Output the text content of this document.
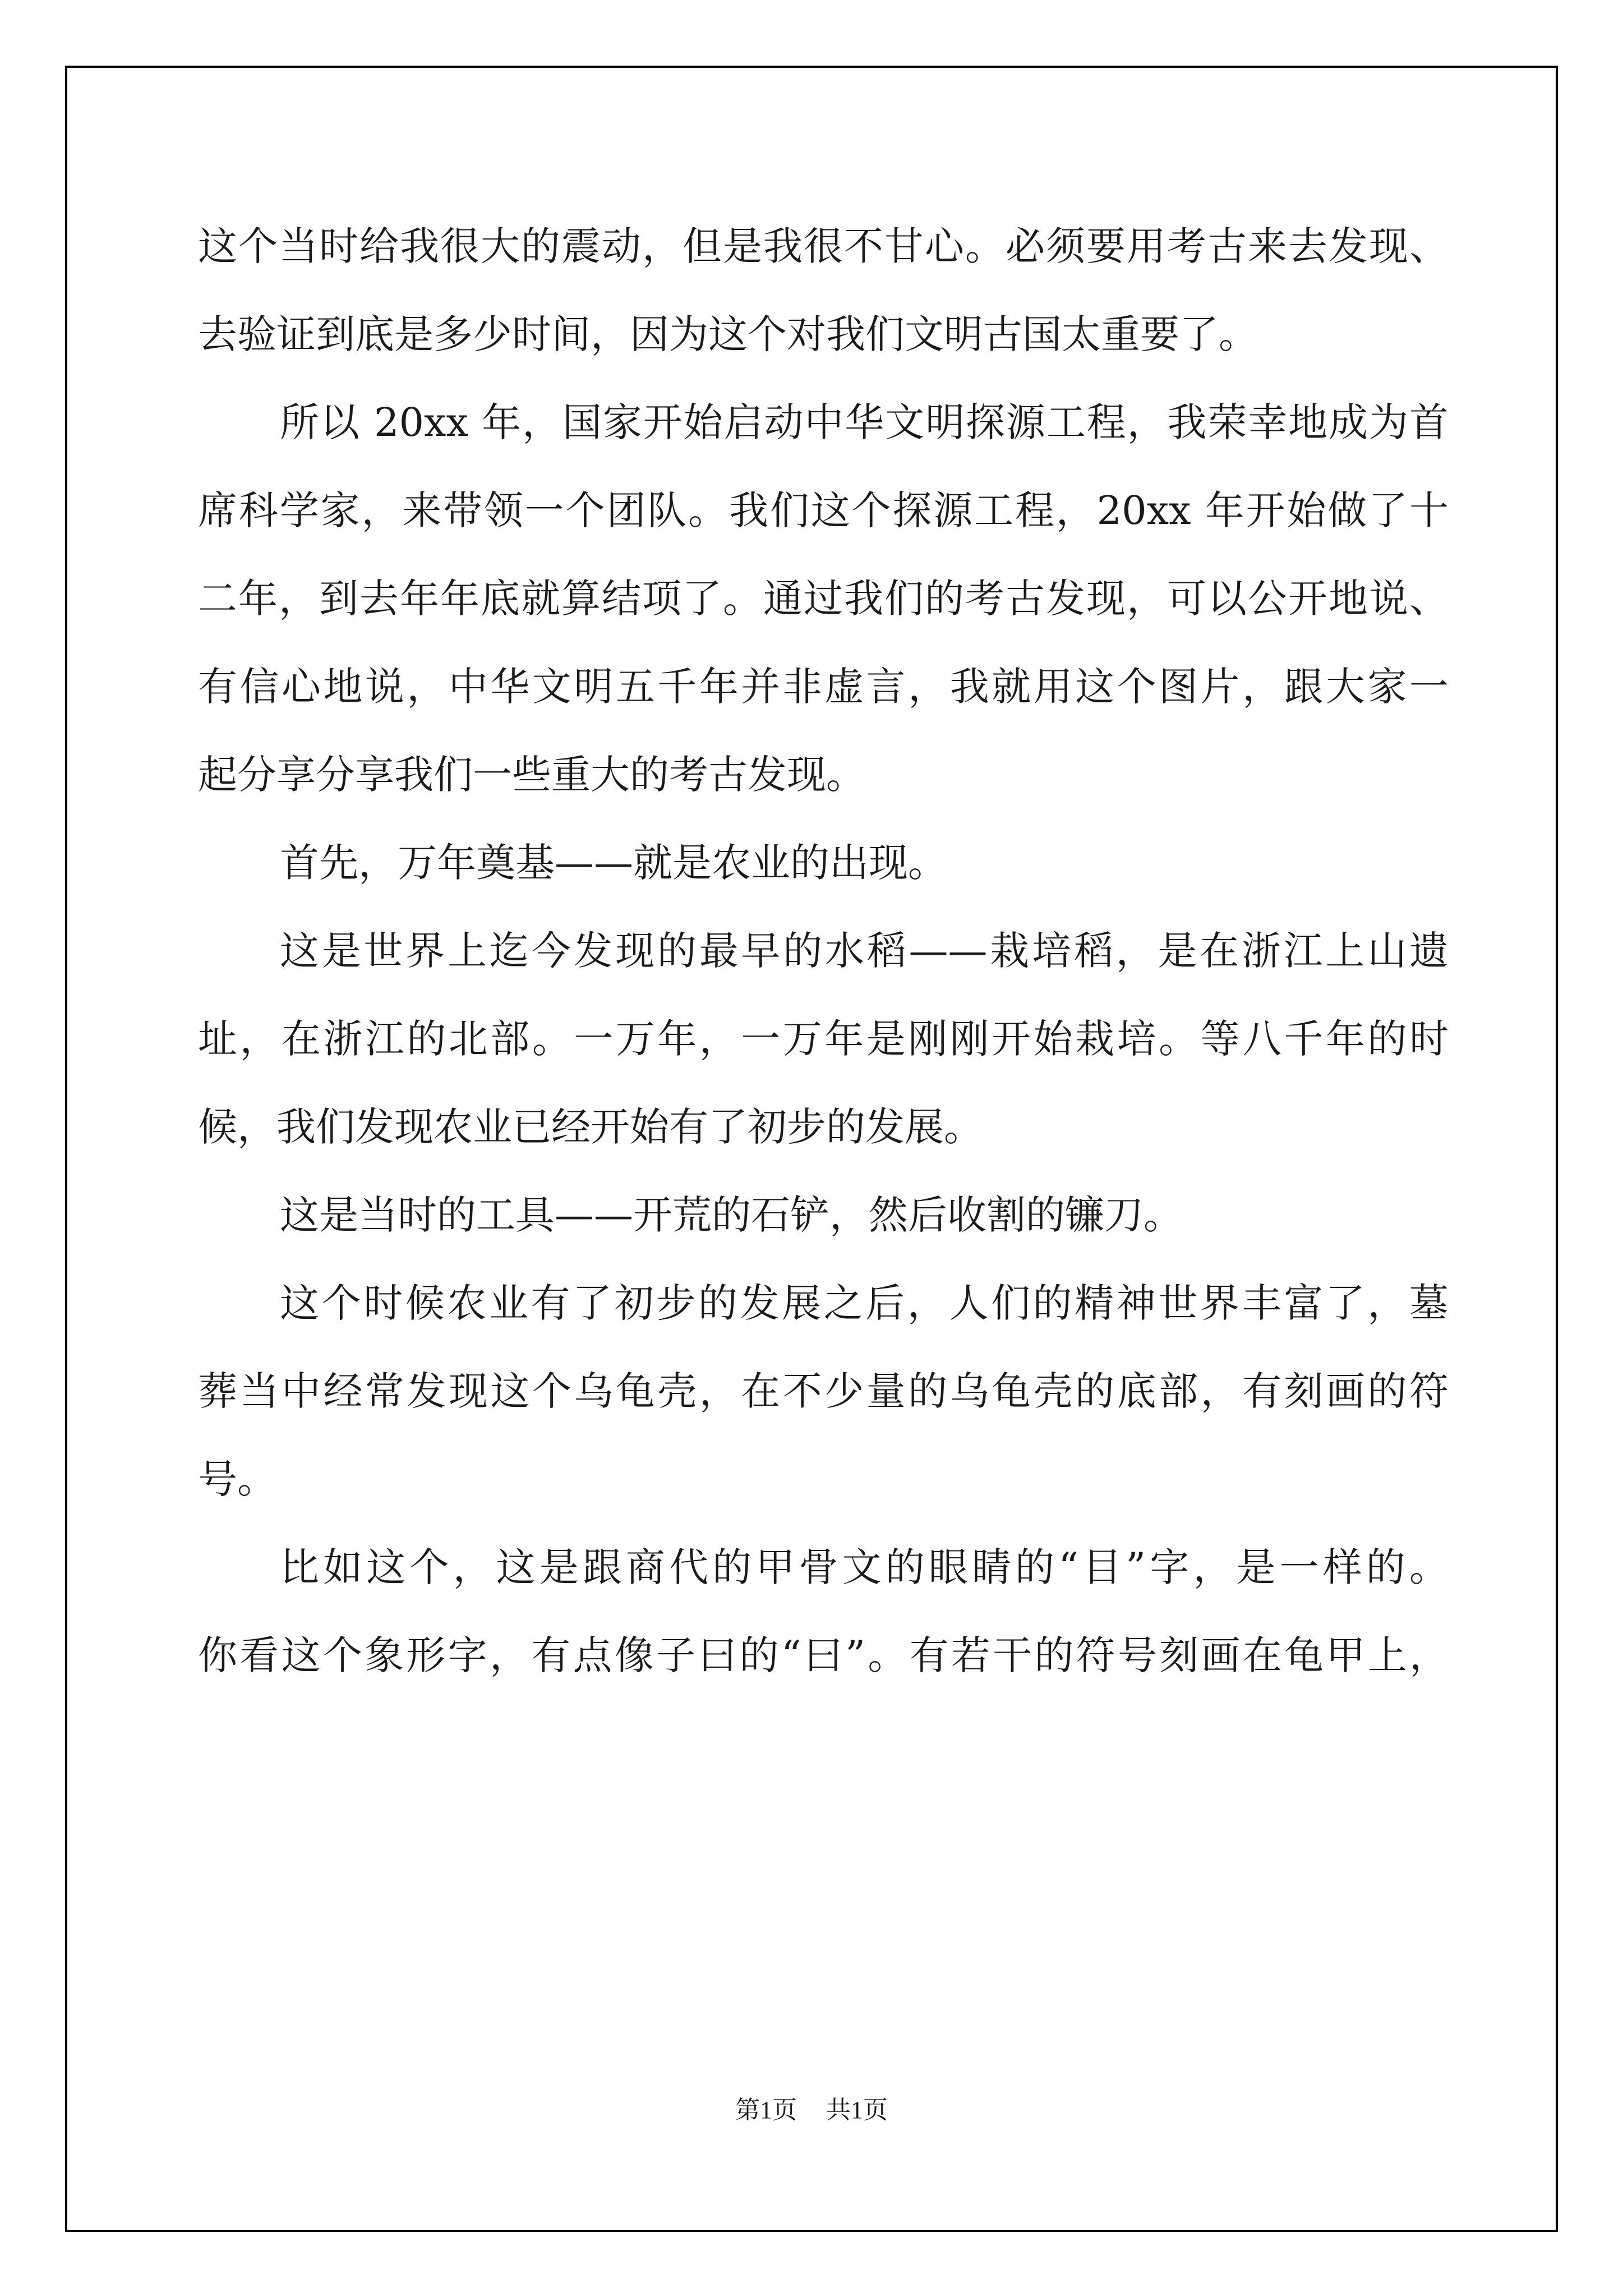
这个当时给我很大的震动，但是我很不甘心。必须要用考古来去发现、
去验证到底是多少时间，因为这个对我们文明古国太重要了。
所以 20xx 年，国家开始启动中华文明探源工程，我荣幸地成为首
席科学家，来带领一个团队。我们这个探源工程，20xx 年开始做了十
二年，到去年年底就算结项了。通过我们的考古发现，可以公开地说、
有信心地说，中华文明五千年并非虚言，我就用这个图片，跟大家一
起分享分享我们一些重大的考古发现。
首先，万年奠基——就是农业的出现。
这是世界上迄今发现的最早的水稻——栽培稻，是在浙江上山遗
址，在浙江的北部。一万年，一万年是刚刚开始栽培。等八千年的时
候，我们发现农业已经开始有了初步的发展。
这是当时的工具——开荒的石铲，然后收割的镰刀。
这个时候农业有了初步的发展之后，人们的精神世界丰富了，墓
葬当中经常发现这个乌龟壳，在不少量的乌龟壳的底部，有刻画的符
号。
比如这个，这是跟商代的甲骨文的眼睛的“目”字，是一样的。
你看这个象形字，有点像子曰的“曰”。有若干的符号刻画在龟甲上，
第1页 共1页
